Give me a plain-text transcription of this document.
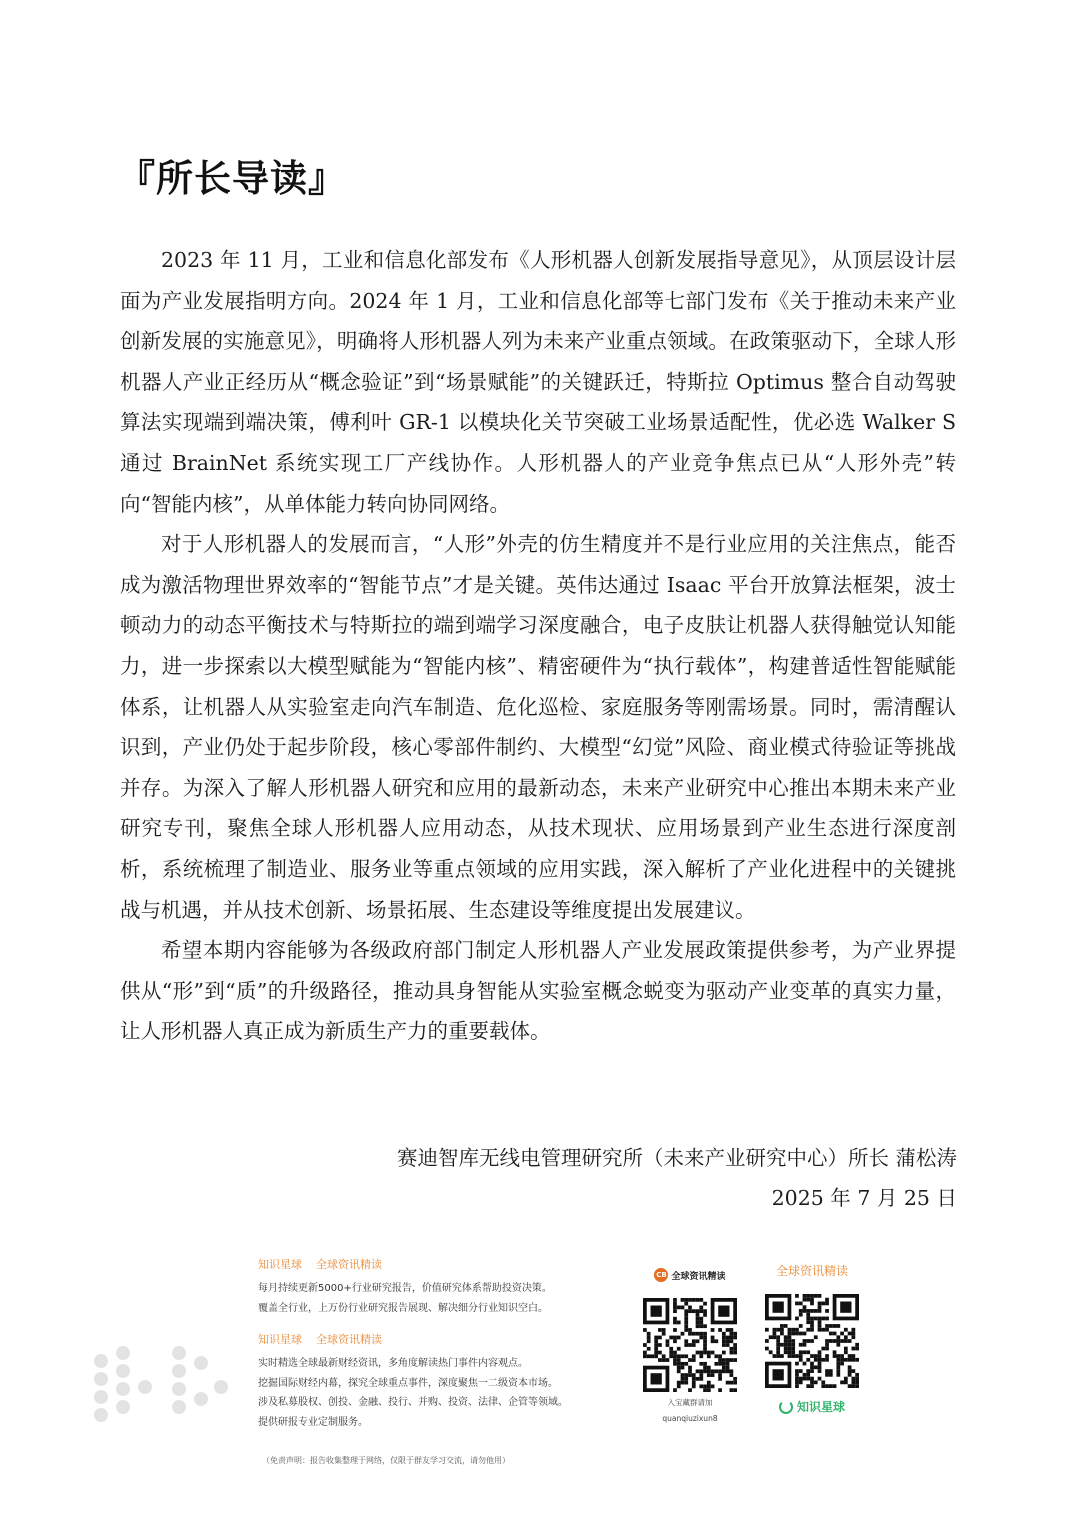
『所长导读』

2023 年 11 月，工业和信息化部发布《人形机器人创新发展指导意见》，从顶层设计层面为产业发展指明方向。2024 年 1 月，工业和信息化部等七部门发布《关于推动未来产业创新发展的实施意见》，明确将人形机器人列为未来产业重点领域。在政策驱动下，全球人形机器人产业正经历从“概念验证”到“场景赋能”的关键跃迁，特斯拉 Optimus 整合自动驾驶算法实现端到端决策，傅利叶 GR-1 以模块化关节突破工业场景适配性，优必选 Walker S 通过 BrainNet 系统实现工厂产线协作。人形机器人的产业竞争焦点已从“人形外壳”转向“智能内核”，从单体能力转向协同网络。

对于人形机器人的发展而言，“人形”外壳的仿生精度并不是行业应用的关注焦点，能否成为激活物理世界效率的“智能节点”才是关键。英伟达通过 Isaac 平台开放算法框架，波士顿动力的动态平衡技术与特斯拉的端到端学习深度融合，电子皮肤让机器人获得触觉认知能力，进一步探索以大模型赋能为“智能内核”、精密硬件为“执行载体”，构建普适性智能赋能体系，让机器人从实验室走向汽车制造、危化巡检、家庭服务等刚需场景。同时，需清醒认识到，产业仍处于起步阶段，核心零部件制约、大模型“幻觉”风险、商业模式待验证等挑战并存。为深入了解人形机器人研究和应用的最新动态，未来产业研究中心推出本期未来产业研究专刊，聚焦全球人形机器人应用动态，从技术现状、应用场景到产业生态进行深度剖析，系统梳理了制造业、服务业等重点领域的应用实践，深入解析了产业化进程中的关键挑战与机遇，并从技术创新、场景拓展、生态建设等维度提出发展建议。

希望本期内容能够为各级政府部门制定人形机器人产业发展政策提供参考，为产业界提供从“形”到“质”的升级路径，推动具身智能从实验室概念蜕变为驱动产业变革的真实力量，让人形机器人真正成为新质生产力的重要载体。

赛迪智库无线电管理研究所（未来产业研究中心）所长 蒲松涛
2025 年 7 月 25 日
知识星球 全球资讯精读
每月持续更新5000+行业研究报告，价值研究体系帮助投资决策。
覆盖全行业，上万份行业研究报告展现、解决细分行业知识空白。
知识星球 全球资讯精读
实时精选全球最新财经资讯，多角度解读热门事件内容观点。
挖掘国际财经内幕，探究全球重点事件，深度聚焦一二级资本市场。
涉及私募股权、创投、金融、投行、并购、投资、法律、企管等领域。
提供研报专业定制服务。
CB 全球资讯精读
入宝藏群请加
quanqiuzixun8
全球资讯精读
知识星球
（免责声明：报告收集整理于网络，仅限于群友学习交流，请勿他用）
